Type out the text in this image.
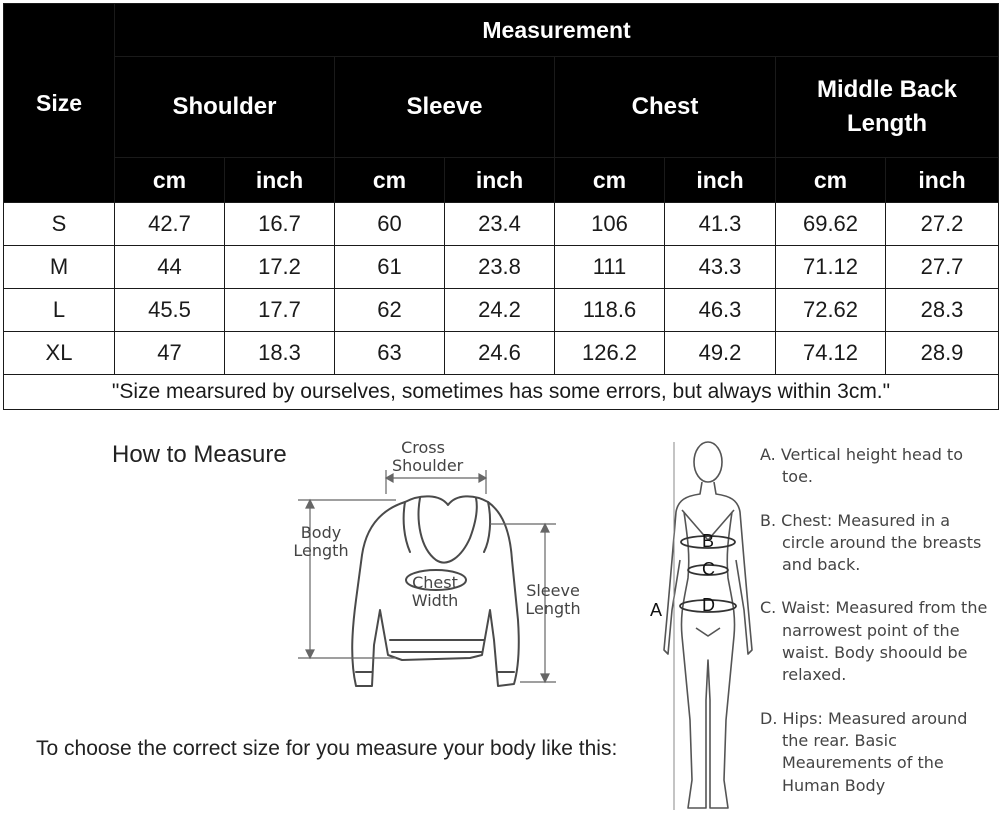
Size	Measurement							
	Shoulder		Sleeve		Chest		Middle Back Length	
	cm	inch	cm	inch	cm	inch	cm	inch
S	42.7	16.7	60	23.4	106	41.3	69.62	27.2
M	44	17.2	61	23.8	111	43.3	71.12	27.7
L	45.5	17.7	62	24.2	118.6	46.3	72.62	28.3
XL	47	18.3	63	24.6	126.2	49.2	74.12	28.9
"Size mearsured by ourselves, sometimes has some errors, but always within 3cm."								
How to Measure	Cross
Shoulder
Body
Length
Chest
Width
Sleeve
Length	A
B
C
D

A. Vertical height head to toe.

B. Chest: Measured in a circle around the breasts and back.

C. Waist: Measured from the narrowest point of the waist. Body shoould be relaxed.

D. Hips: Measured around the rear. Basic Meaurements of the Human Body

To choose the correct size for you measure your body like this:
